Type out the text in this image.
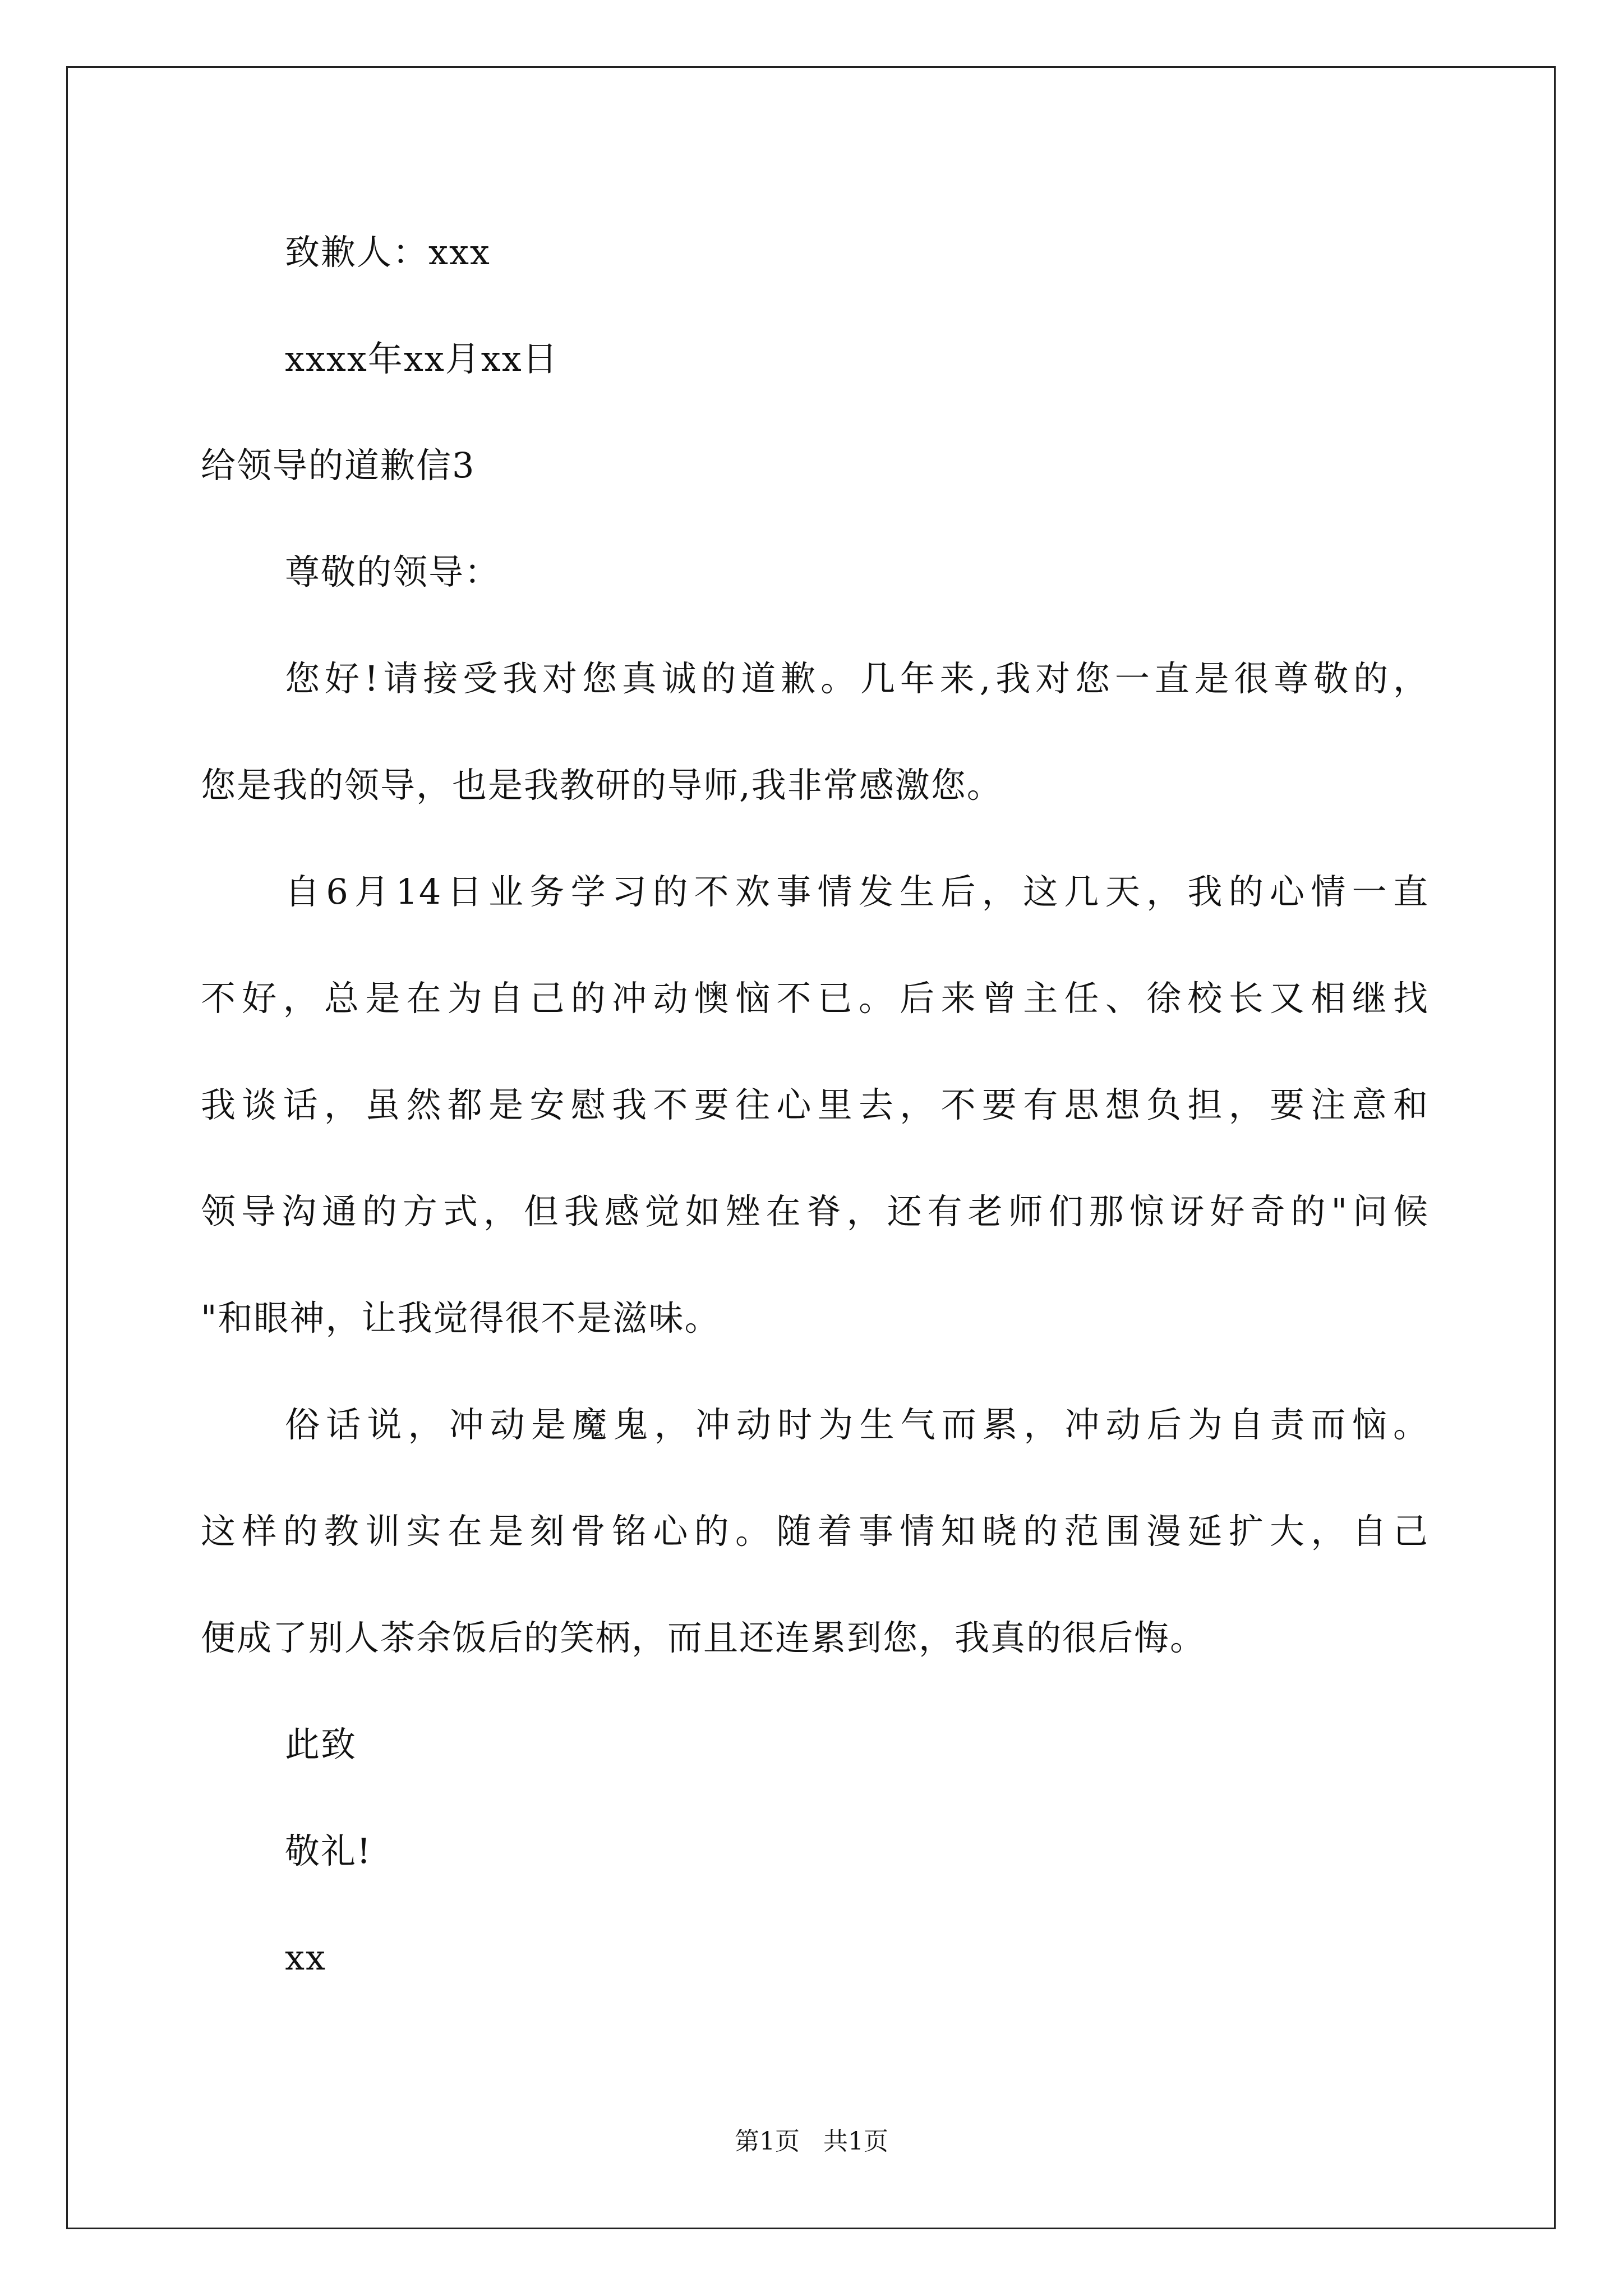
致歉人：xxx
xxxx年xx月xx日
给领导的道歉信3
尊敬的领导：
您好!请接受我对您真诚的道歉。几年来,我对您一直是很尊敬的，
您是我的领导，也是我教研的导师,我非常感激您。
自6月14日业务学习的不欢事情发生后，这几天，我的心情一直
不好，总是在为自己的冲动懊恼不已。后来曾主任、徐校长又相继找
我谈话，虽然都是安慰我不要往心里去，不要有思想负担，要注意和
领导沟通的方式，但我感觉如矬在脊，还有老师们那惊讶好奇的"问候
"和眼神，让我觉得很不是滋味。
俗话说，冲动是魔鬼，冲动时为生气而累，冲动后为自责而恼。
这样的教训实在是刻骨铭心的。随着事情知晓的范围漫延扩大，自己
便成了别人茶余饭后的笑柄，而且还连累到您，我真的很后悔。
此致
敬礼!
xx
第1页   共1页
